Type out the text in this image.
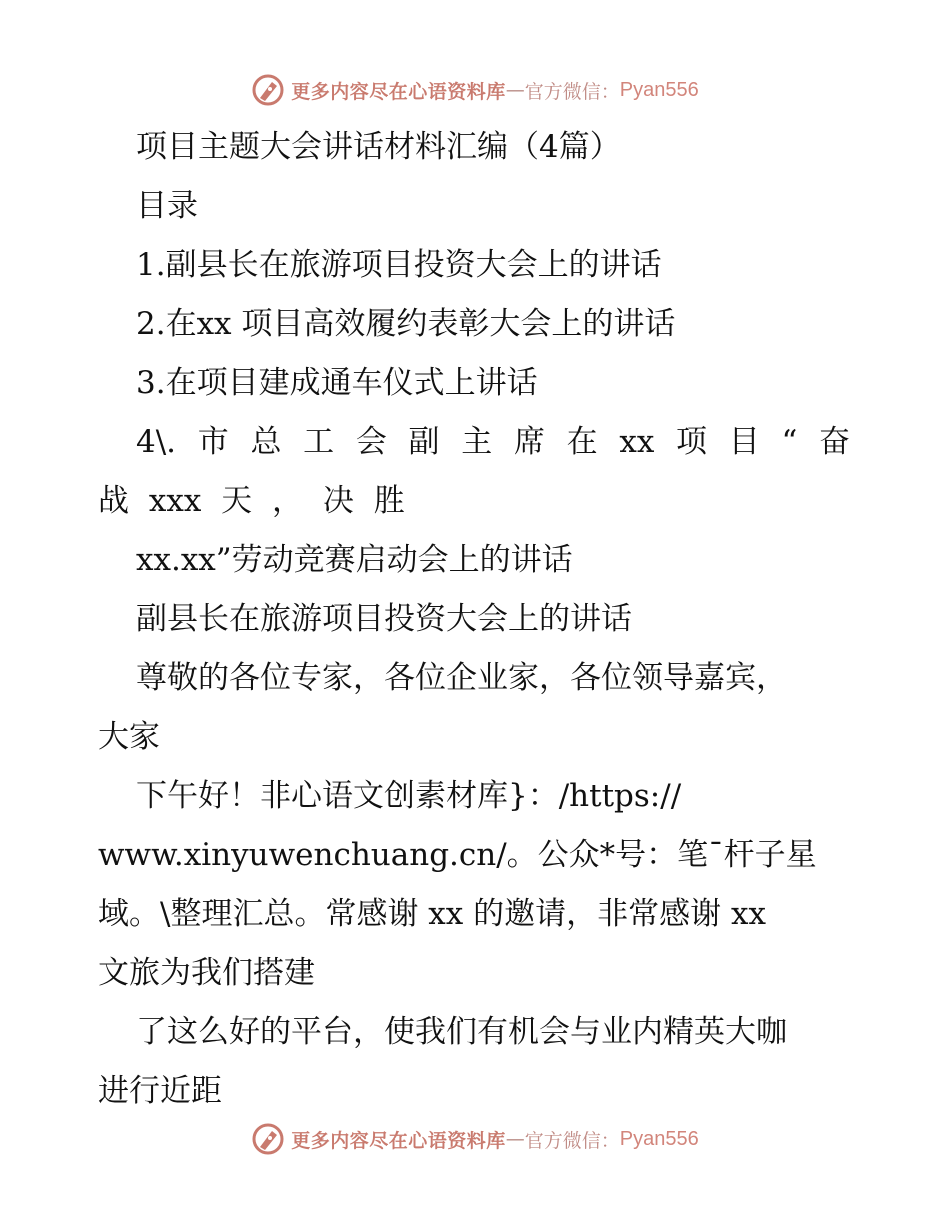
更多内容尽在心语资料库 — 官方微信： Pyan556
项目主题大会讲话材料汇编（4篇）
目录
1.副县长在旅游项目投资大会上的讲话
2.在xx 项目高效履约表彰大会上的讲话
3.在项目建成通车仪式上讲话
4\. 市 总 工 会 副 主 席 在 xx 项 目 “ 奋
战 xxx 天 ， 决 胜
xx.xx”劳动竞赛启动会上的讲话
副县长在旅游项目投资大会上的讲话
尊敬的各位专家，各位企业家，各位领导嘉宾，
大家
下午好！非心语文创素材库}：/https://
www.xinyuwenchuang.cn/。公众*号：笔¯杆子星
域。\整理汇总。常感谢 xx 的邀请，非常感谢 xx
文旅为我们搭建
了这么好的平台，使我们有机会与业内精英大咖
进行近距
更多内容尽在心语资料库 — 官方微信： Pyan556
